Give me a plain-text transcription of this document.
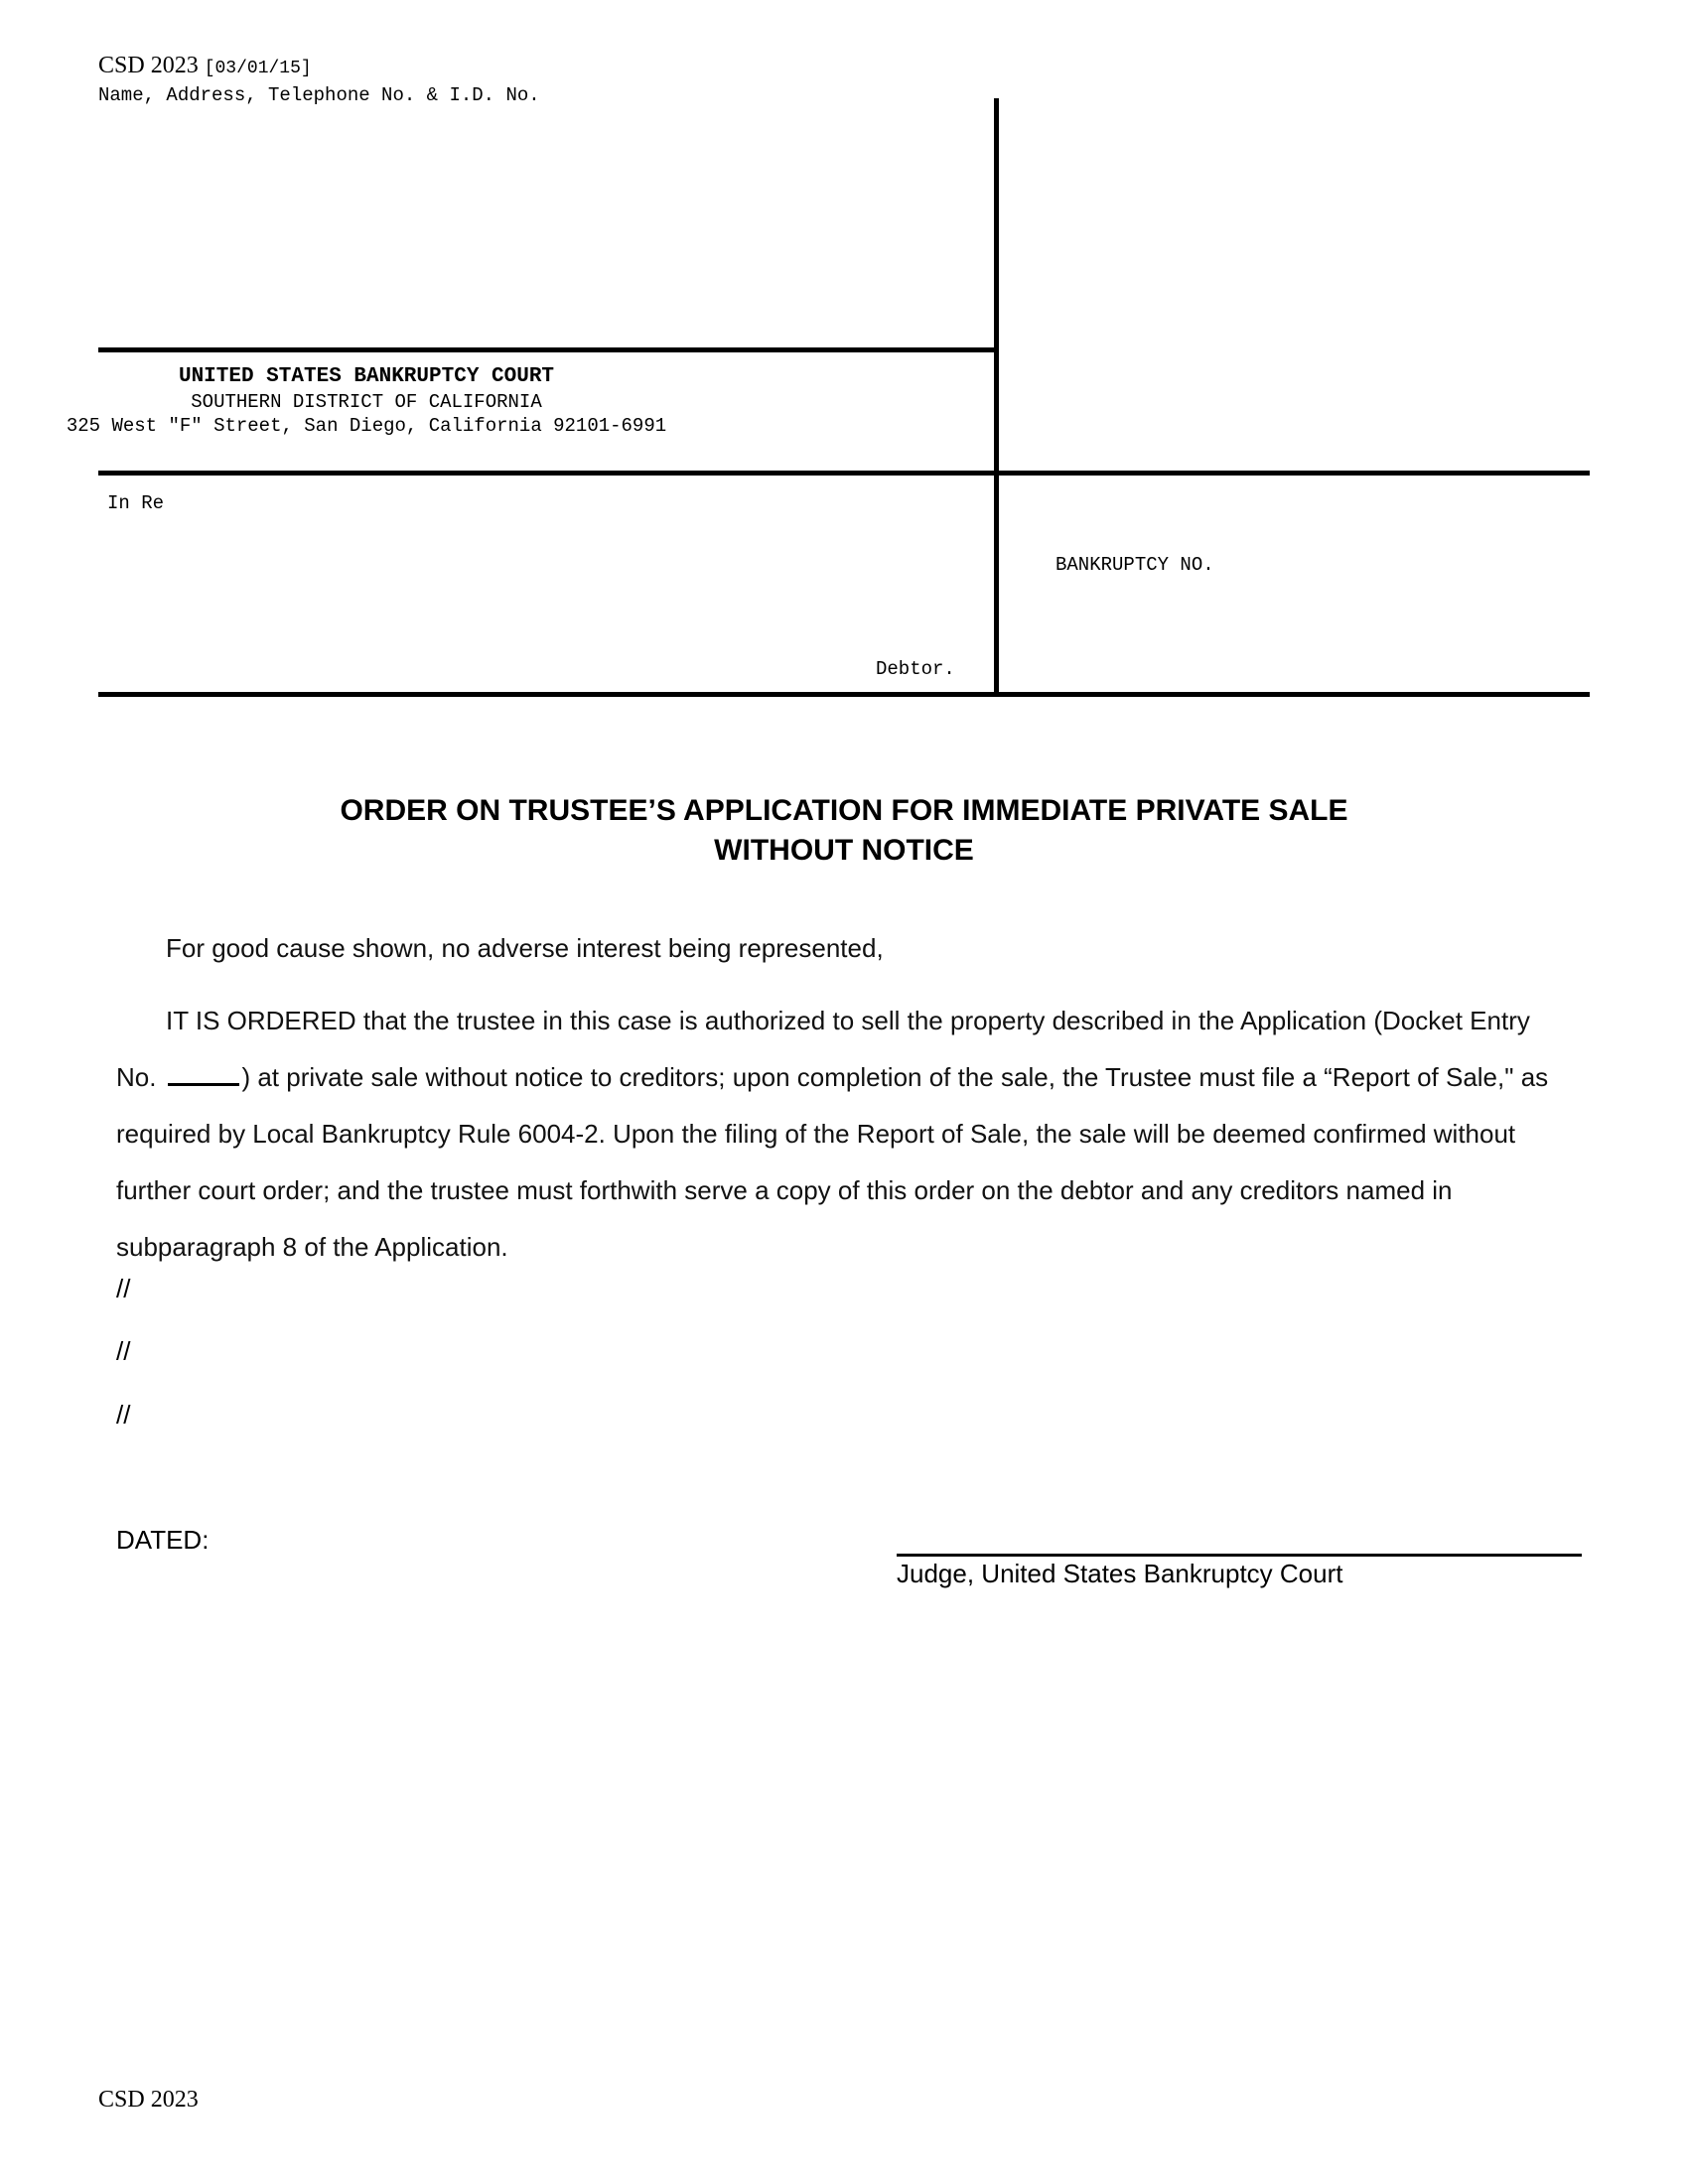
CSD 2023 [03/01/15]
Name, Address, Telephone No. & I.D. No.
UNITED STATES BANKRUPTCY COURT
SOUTHERN DISTRICT OF CALIFORNIA
325 West "F" Street, San Diego, California 92101-6991
In Re
Debtor.
BANKRUPTCY NO.
ORDER ON TRUSTEE’S APPLICATION FOR IMMEDIATE PRIVATE SALE
WITHOUT NOTICE
For good cause shown, no adverse interest being represented,
IT IS ORDERED that the trustee in this case is authorized to sell the property described in the Application (Docket Entry No.	) at private sale without notice to creditors; upon completion of the sale, the Trustee must file a “Report of Sale," as required by Local Bankruptcy Rule 6004-2. Upon the filing of the Report of Sale, the sale will be deemed confirmed without further court order; and the trustee must forthwith serve a copy of this order on the debtor and any creditors named in subparagraph 8 of the Application.
//
//
//
DATED:
Judge, United States Bankruptcy Court
CSD 2023
